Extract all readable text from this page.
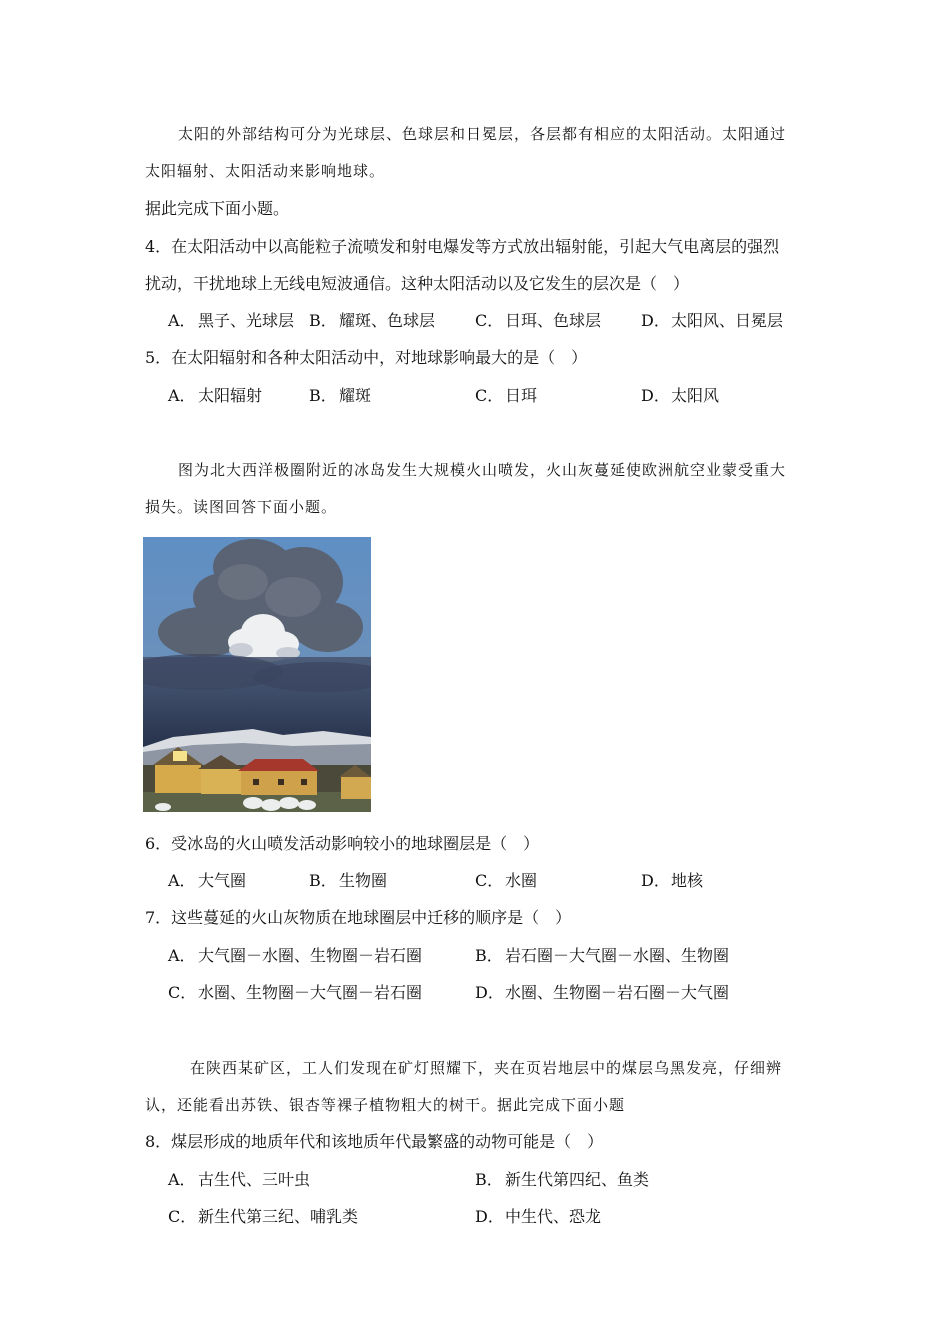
太阳的外部结构可分为光球层、色球层和日冕层，各层都有相应的太阳活动。太阳通过
太阳辐射、太阳活动来影响地球。
据此完成下面小题。
4．在太阳活动中以高能粒子流喷发和射电爆发等方式放出辐射能，引起大气电离层的强烈
扰动，干扰地球上无线电短波通信。这种太阳活动以及它发生的层次是（　）
A． 黑子、光球层 B． 耀斑、色球层 C． 日珥、色球层 D．太阳风、日冕层
5．在太阳辐射和各种太阳活动中，对地球影响最大的是（　）
A． 太阳辐射	B． 耀斑	C． 日珥	D．太阳风
图为北大西洋极圈附近的冰岛发生大规模火山喷发，火山灰蔓延使欧洲航空业蒙受重大
损失。读图回答下面小题。
6．受冰岛的火山喷发活动影响较小的地球圈层是（　）
A． 大气圈	B． 生物圈	C． 水圈	D．地核
7．这些蔓延的火山灰物质在地球圈层中迁移的顺序是（　）
A． 大气圈－水圈、生物圈－岩石圈	B． 岩石圈－大气圈－水圈、生物圈
C． 水圈、生物圈－大气圈－岩石圈	D．水圈、生物圈－岩石圈－大气圈
在陕西某矿区，工人们发现在矿灯照耀下，夹在页岩地层中的煤层乌黑发亮，仔细辨
认，还能看出苏铁、银杏等裸子植物粗大的树干。据此完成下面小题
8．煤层形成的地质年代和该地质年代最繁盛的动物可能是（　）
A． 古生代、三叶虫	B． 新生代第四纪、鱼类
C． 新生代第三纪、哺乳类	D．中生代、恐龙
